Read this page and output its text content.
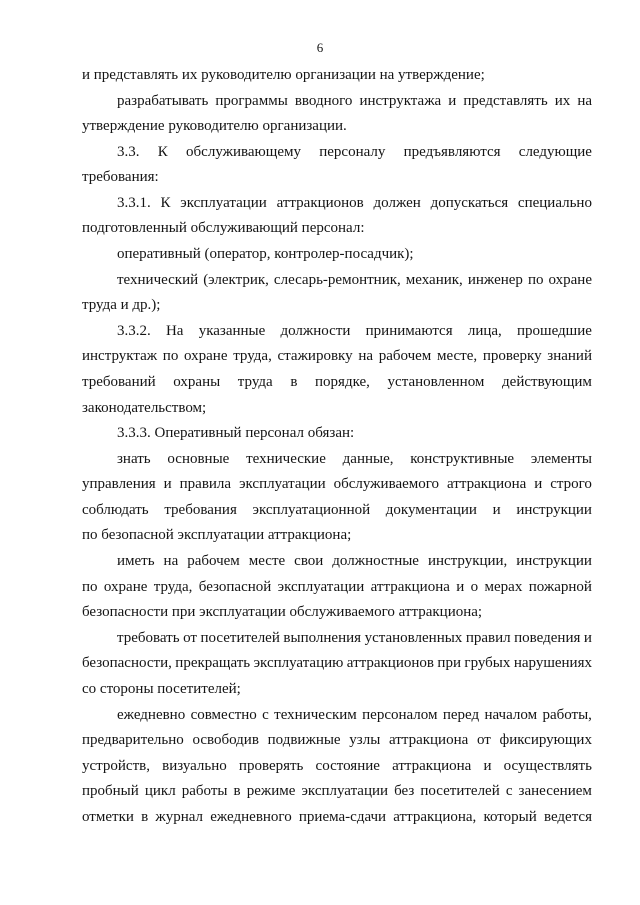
6
и представлять их руководителю организации на утверждение;
разрабатывать программы вводного инструктажа и представлять их на
утверждение руководителю организации.
3.3. К обслуживающему персоналу предъявляются следующие
требования:
3.3.1. К эксплуатации аттракционов должен допускаться специально
подготовленный обслуживающий персонал:
оперативный (оператор, контролер-посадчик);
технический (электрик, слесарь-ремонтник, механик, инженер по охране
труда и др.);
3.3.2. На указанные должности принимаются лица, прошедшие
инструктаж по охране труда, стажировку на рабочем месте, проверку знаний
требований охраны труда в порядке, установленном действующим
законодательством;
3.3.3. Оперативный персонал обязан:
знать основные технические данные, конструктивные элементы
управления и правила эксплуатации обслуживаемого аттракциона и строго
соблюдать требования эксплуатационной документации и инструкции
по безопасной эксплуатации аттракциона;
иметь на рабочем месте свои должностные инструкции, инструкции
по охране труда, безопасной эксплуатации аттракциона и о мерах пожарной
безопасности при эксплуатации обслуживаемого аттракциона;
требовать от посетителей выполнения установленных правил поведения и
безопасности, прекращать эксплуатацию аттракционов при грубых нарушениях
со стороны посетителей;
ежедневно совместно с техническим персоналом перед началом работы,
предварительно освободив подвижные узлы аттракциона от фиксирующих
устройств, визуально проверять состояние аттракциона и осуществлять
пробный цикл работы в режиме эксплуатации без посетителей с занесением
отметки в журнал ежедневного приема-сдачи аттракциона, который ведется
